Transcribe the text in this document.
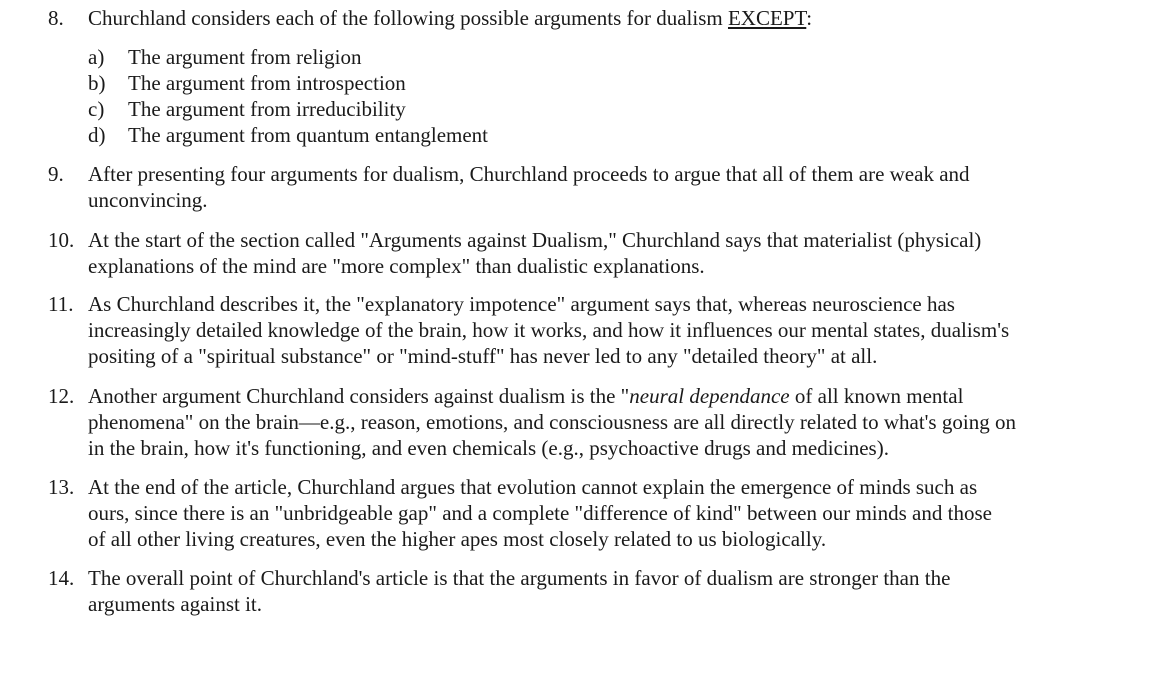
8. Churchland considers each of the following possible arguments for dualism EXCEPT:
a) The argument from religion
b) The argument from introspection
c) The argument from irreducibility
d) The argument from quantum entanglement
9. After presenting four arguments for dualism, Churchland proceeds to argue that all of them are weak and
unconvincing.
10. At the start of the section called "Arguments against Dualism," Churchland says that materialist (physical)
explanations of the mind are "more complex" than dualistic explanations.
11. As Churchland describes it, the "explanatory impotence" argument says that, whereas neuroscience has
increasingly detailed knowledge of the brain, how it works, and how it influences our mental states, dualism's
positing of a "spiritual substance" or "mind-stuff" has never led to any "detailed theory" at all.
12. Another argument Churchland considers against dualism is the "neural dependance of all known mental
phenomena" on the brain—e.g., reason, emotions, and consciousness are all directly related to what's going on
in the brain, how it's functioning, and even chemicals (e.g., psychoactive drugs and medicines).
13. At the end of the article, Churchland argues that evolution cannot explain the emergence of minds such as
ours, since there is an "unbridgeable gap" and a complete "difference of kind" between our minds and those
of all other living creatures, even the higher apes most closely related to us biologically.
14. The overall point of Churchland's article is that the arguments in favor of dualism are stronger than the
arguments against it.
